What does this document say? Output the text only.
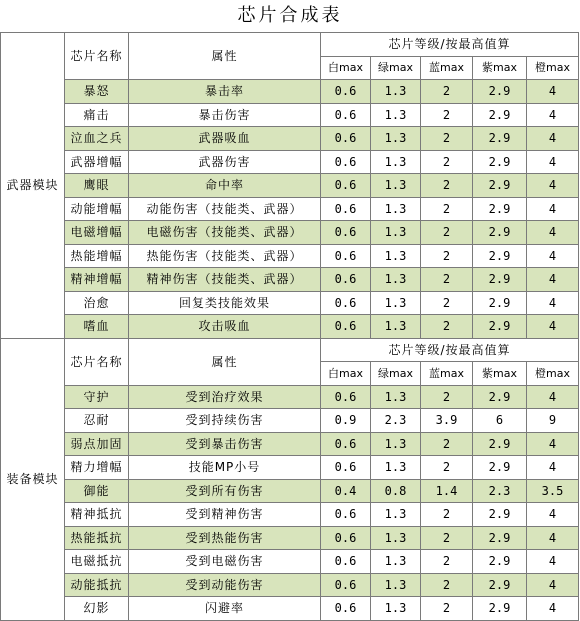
芯片合成表
武器模块	芯片名称	属性	芯片等级/按最高值算				
			白max	绿max	蓝max	紫max	橙max
	暴怒	暴击率	0.6	1.3	2	2.9	4
	痛击	暴击伤害	0.6	1.3	2	2.9	4
	泣血之兵	武器吸血	0.6	1.3	2	2.9	4
	武器增幅	武器伤害	0.6	1.3	2	2.9	4
	鹰眼	命中率	0.6	1.3	2	2.9	4
	动能增幅	动能伤害（技能类、武器）	0.6	1.3	2	2.9	4
	电磁增幅	电磁伤害（技能类、武器）	0.6	1.3	2	2.9	4
	热能增幅	热能伤害（技能类、武器）	0.6	1.3	2	2.9	4
	精神增幅	精神伤害（技能类、武器）	0.6	1.3	2	2.9	4
	治愈	回复类技能效果	0.6	1.3	2	2.9	4
	嗜血	攻击吸血	0.6	1.3	2	2.9	4
装备模块	芯片名称	属性	芯片等级/按最高值算				
			白max	绿max	蓝max	紫max	橙max
	守护	受到治疗效果	0.6	1.3	2	2.9	4
	忍耐	受到持续伤害	0.9	2.3	3.9	6	9
	弱点加固	受到暴击伤害	0.6	1.3	2	2.9	4
	精力增幅	技能MP小号	0.6	1.3	2	2.9	4
	御能	受到所有伤害	0.4	0.8	1.4	2.3	3.5
	精神抵抗	受到精神伤害	0.6	1.3	2	2.9	4
	热能抵抗	受到热能伤害	0.6	1.3	2	2.9	4
	电磁抵抗	受到电磁伤害	0.6	1.3	2	2.9	4
	动能抵抗	受到动能伤害	0.6	1.3	2	2.9	4
	幻影	闪避率	0.6	1.3	2	2.9	4
